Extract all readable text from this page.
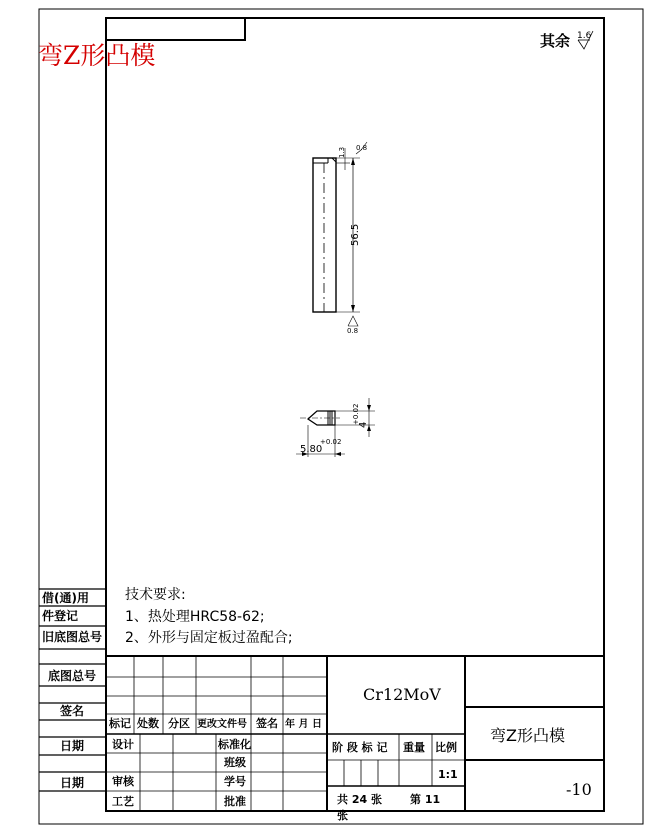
弯Z形凸模	其余 1.6
1.3 0.8
56.5
0.8
4
+0.02
5.80
+0.02
技术要求:
1、热处理HRC58-62;
2、外形与固定板过盈配合;
借(通)用
件登记
旧底图总号
底图总号
签名
日期
日期
标记 处数 分区 更改文件号 签名 年 月 日
设计
审核
工艺
标准化
班级
学号
批准
Cr12MoV
阶 段 标 记 重量 比例
1:1
共 24 张	第 11
张
弯Z形凸模
-10
